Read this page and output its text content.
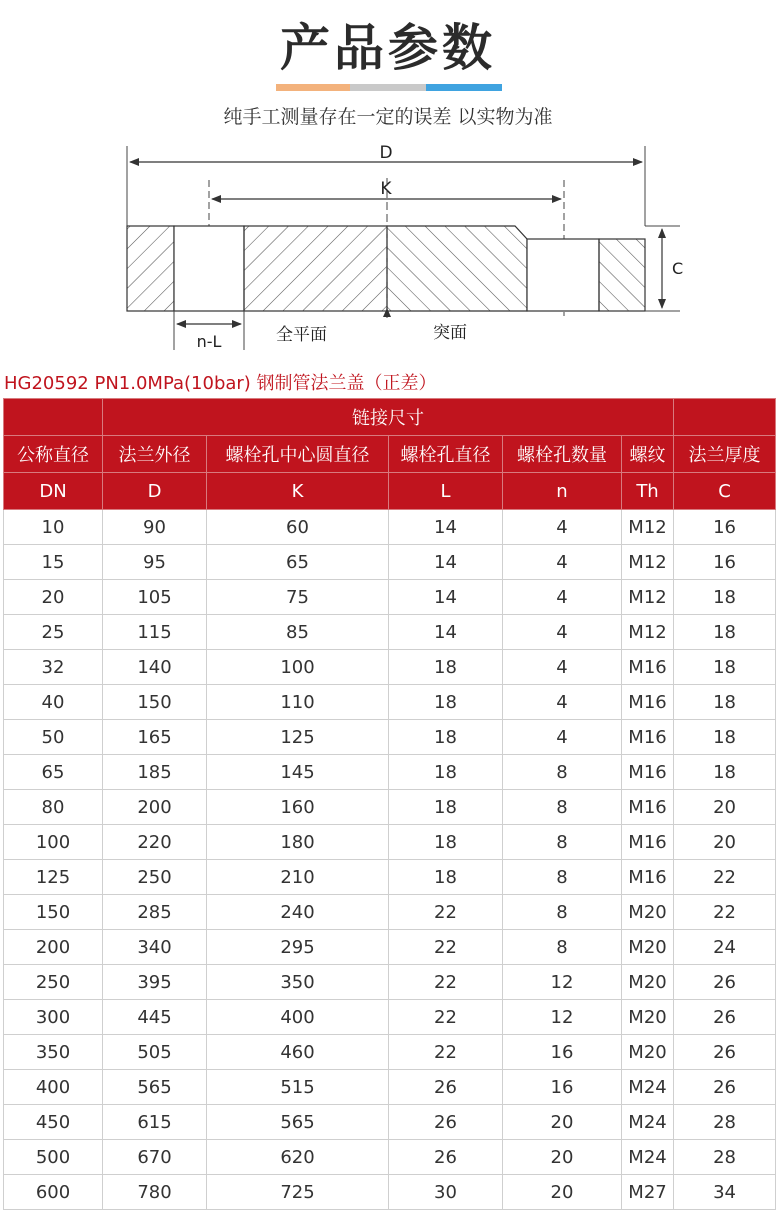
产品参数
纯手工测量存在一定的误差 以实物为准
D
K
C
n-L	全平面	突面
HG20592 PN1.0MPa(10bar) 钢制管法兰盖（正差）
	链接尺寸					
公称直径	法兰外径	螺栓孔中心圆直径	螺栓孔直径	螺栓孔数量	螺纹	法兰厚度
DN	D	K	L	n	Th	C
10	90	60	14	4	M12	16
15	95	65	14	4	M12	16
20	105	75	14	4	M12	18
25	115	85	14	4	M12	18
32	140	100	18	4	M16	18
40	150	110	18	4	M16	18
50	165	125	18	4	M16	18
65	185	145	18	8	M16	18
80	200	160	18	8	M16	20
100	220	180	18	8	M16	20
125	250	210	18	8	M16	22
150	285	240	22	8	M20	22
200	340	295	22	8	M20	24
250	395	350	22	12	M20	26
300	445	400	22	12	M20	26
350	505	460	22	16	M20	26
400	565	515	26	16	M24	26
450	615	565	26	20	M24	28
500	670	620	26	20	M24	28
600	780	725	30	20	M27	34
